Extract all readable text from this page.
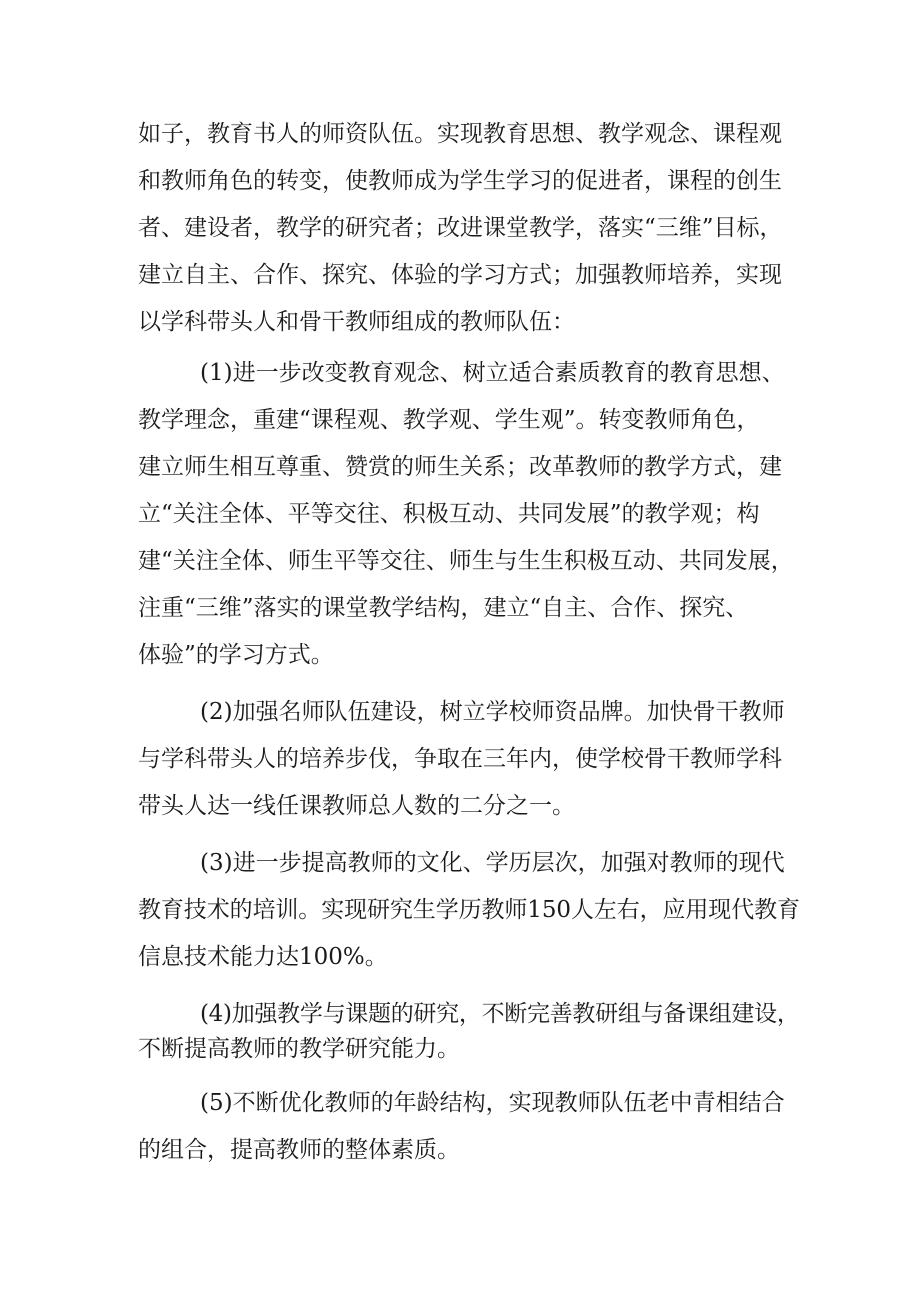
如子，教育书人的师资队伍。实现教育思想、教学观念、课程观
和教师角色的转变，使教师成为学生学习的促进者，课程的创生
者、建设者，教学的研究者；改进课堂教学，落实“三维”目标，
建立自主、合作、探究、体验的学习方式；加强教师培养，实现
以学科带头人和骨干教师组成的教师队伍：
(1)进一步改变教育观念、树立适合素质教育的教育思想、
教学理念，重建“课程观、教学观、学生观”。转变教师角色，
建立师生相互尊重、赞赏的师生关系；改革教师的教学方式，建
立“关注全体、平等交往、积极互动、共同发展”的教学观；构
建“关注全体、师生平等交往、师生与生生积极互动、共同发展，
注重“三维”落实的课堂教学结构，建立“自主、合作、探究、
体验”的学习方式。
(2)加强名师队伍建设，树立学校师资品牌。加快骨干教师
与学科带头人的培养步伐，争取在三年内，使学校骨干教师学科
带头人达一线任课教师总人数的二分之一。
(3)进一步提高教师的文化、学历层次，加强对教师的现代
教育技术的培训。实现研究生学历教师150人左右，应用现代教育
信息技术能力达100%。
(4)加强教学与课题的研究，不断完善教研组与备课组建设，
不断提高教师的教学研究能力。
(5)不断优化教师的年龄结构，实现教师队伍老中青相结合
的组合，提高教师的整体素质。
